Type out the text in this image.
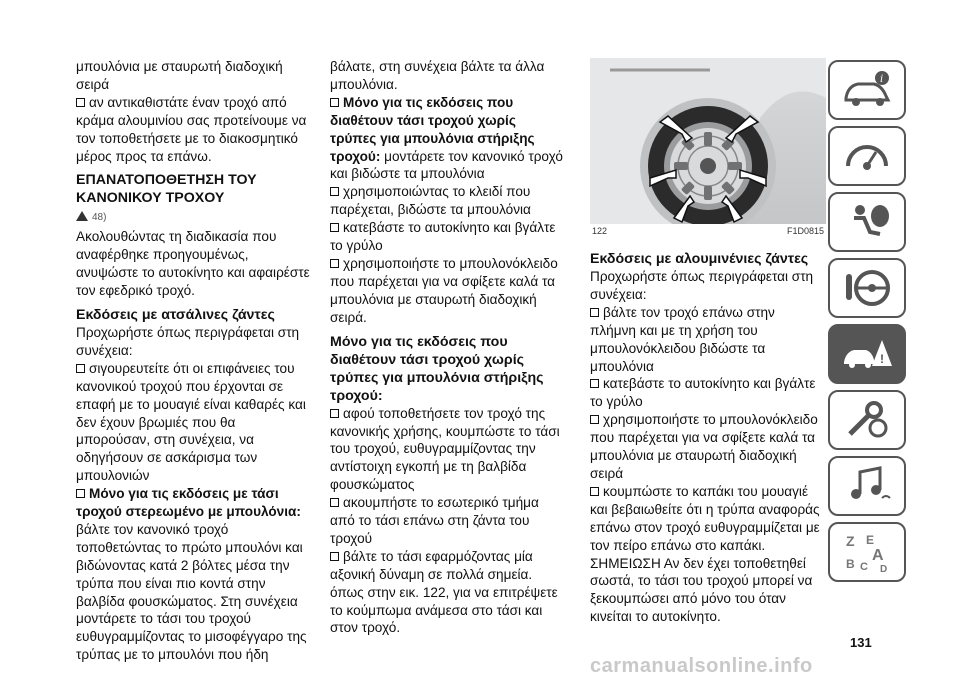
μπουλόνια με σταυρωτή διαδοχική σειρά

αν αντικαθιστάτε έναν τροχό από κράμα αλουμινίου σας προτείνουμε να τον τοποθετήσετε με το διακοσμητικό μέρος προς τα επάνω.

ΕΠΑΝΑΤΟΠΟΘΕΤΗΣΗ ΤΟΥ ΚΑΝΟΝΙΚΟΥ ΤΡΟΧΟΥ

48)

Ακολουθώντας τη διαδικασία που αναφέρθηκε προηγουμένως, ανυψώστε το αυτοκίνητο και αφαιρέστε τον εφεδρικό τροχό.

Εκδόσεις με ατσάλινες ζάντες

Προχωρήστε όπως περιγράφεται στη συνέχεια:

σιγουρευτείτε ότι οι επιφάνειες του κανονικού τροχού που έρχονται σε επαφή με το μουαγιέ είναι καθαρές και δεν έχουν βρωμιές που θα μπορούσαν, στη συνέχεια, να οδηγήσουν σε ασκάρισμα των μπουλονιών

Μόνο για τις εκδόσεις με τάσι τροχού στερεωμένο με μπουλόνια: βάλτε τον κανονικό τροχό τοποθετώντας το πρώτο μπουλόνι και βιδώνοντας κατά 2 βόλτες μέσα την τρύπα που είναι πιο κοντά στην βαλβίδα φουσκώματος. Στη συνέχεια μοντάρετε το τάσι του τροχού ευθυγραμμίζοντας το μισοφέγγαρο της τρύπας με το μπουλόνι που ήδη

βάλατε, στη συνέχεια βάλτε τα άλλα μπουλόνια.

Μόνο για τις εκδόσεις που διαθέτουν τάσι τροχού χωρίς τρύπες για μπουλόνια στήριξης τροχού: μοντάρετε τον κανονικό τροχό και βιδώστε τα μπουλόνια

χρησιμοποιώντας το κλειδί που παρέχεται, βιδώστε τα μπουλόνια

κατεβάστε το αυτοκίνητο και βγάλτε το γρύλο

χρησιμοποιήστε το μπουλονόκλειδο που παρέχεται για να σφίξετε καλά τα μπουλόνια με σταυρωτή διαδοχική σειρά.

Μόνο για τις εκδόσεις που διαθέτουν τάσι τροχού χωρίς τρύπες για μπουλόνια στήριξης τροχού:

αφού τοποθετήσετε τον τροχό της κανονικής χρήσης, κουμπώστε το τάσι του τροχού, ευθυγραμμίζοντας την αντίστοιχη εγκοπή με τη βαλβίδα φουσκώματος

ακουμπήστε το εσωτερικό τμήμα από το τάσι επάνω στη ζάντα του τροχού

βάλτε το τάσι εφαρμόζοντας μία αξονική δύναμη σε πολλά σημεία. όπως στην εικ. 122, για να επιτρέψετε το κούμπωμα ανάμεσα στο τάσι και στον τροχό.

122	F1D0815

Εκδόσεις με αλουμινένιες ζάντες

Προχωρήστε όπως περιγράφεται στη συνέχεια:

βάλτε τον τροχό επάνω στην πλήμνη και με τη χρήση του μπουλονόκλειδου βιδώστε τα μπουλόνια

κατεβάστε το αυτοκίνητο και βγάλτε το γρύλο

χρησιμοποιήστε το μπουλονόκλειδο που παρέχεται για να σφίξετε καλά τα μπουλόνια με σταυρωτή διαδοχική σειρά

κουμπώστε το καπάκι του μουαγιέ και βεβαιωθείτε ότι η τρύπα αναφοράς επάνω στον τροχό ευθυγραμμίζεται με τον πείρο επάνω στο καπάκι.

ΣΗΜΕΙΩΣΗ Αν δεν έχει τοποθετηθεί σωστά, το τάσι του τροχού μπορεί να ξεκουμπώσει από μόνο του όταν κινείται το αυτοκίνητο.

i
!
Z E
B A
C D
131
carmanualsonline.info
